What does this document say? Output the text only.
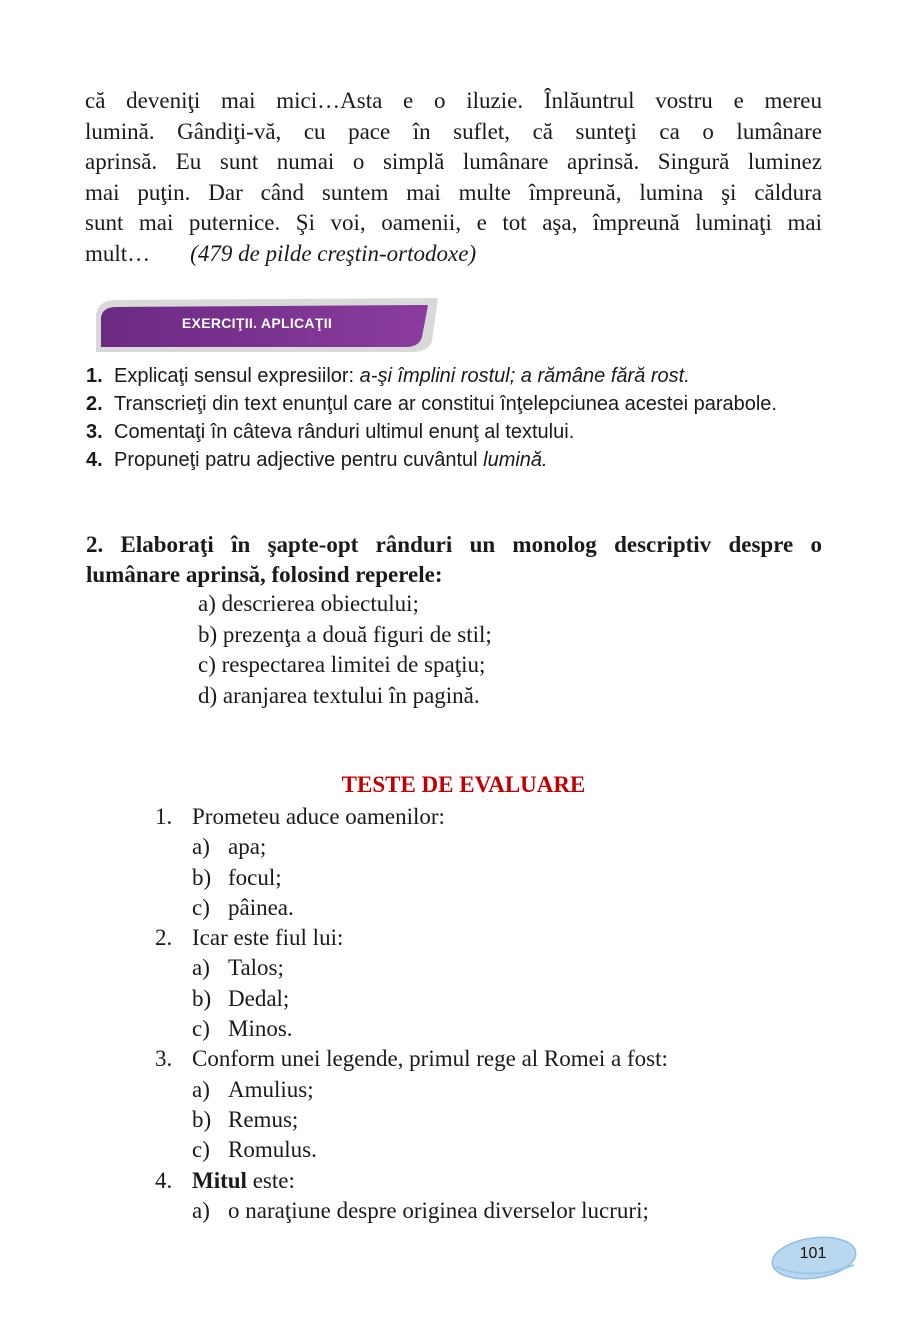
că deveniţi mai mici…Asta e o iluzie. Înlăuntrul vostru e mereu
lumină. Gândiţi-vă, cu pace în suflet, că sunteţi ca o lumânare
aprinsă. Eu sunt numai o simplă lumânare aprinsă. Singură luminez
mai puţin. Dar când suntem mai multe împreună, lumina şi căldura
sunt mai puternice. Şi voi, oamenii, e tot aşa, împreună luminaţi mai
mult… (479 de pilde creştin-ortodoxe)
EXERCIŢII. APLICAŢII
1. Explicaţi sensul expresiilor: a-şi împlini rostul; a rămâne fără rost.
2. Transcrieţi din text enunţul care ar constitui înţelepciunea acestei parabole.
3. Comentaţi în câteva rânduri ultimul enunţ al textului.
4. Propuneţi patru adjective pentru cuvântul lumină.
2. Elaboraţi în şapte-opt rânduri un monolog descriptiv despre o
lumânare aprinsă, folosind reperele:
a) descrierea obiectului;
b) prezenţa a două figuri de stil;
c) respectarea limitei de spaţiu;
d) aranjarea textului în pagină.
TESTE DE EVALUARE
1. Prometeu aduce oamenilor:
a) apa;
b) focul;
c) pâinea.
2. Icar este fiul lui:
a) Talos;
b) Dedal;
c) Minos.
3. Conform unei legende, primul rege al Romei a fost:
a) Amulius;
b) Remus;
c) Romulus.
4. Mitul este:
a) o naraţiune despre originea diverselor lucruri;
101
